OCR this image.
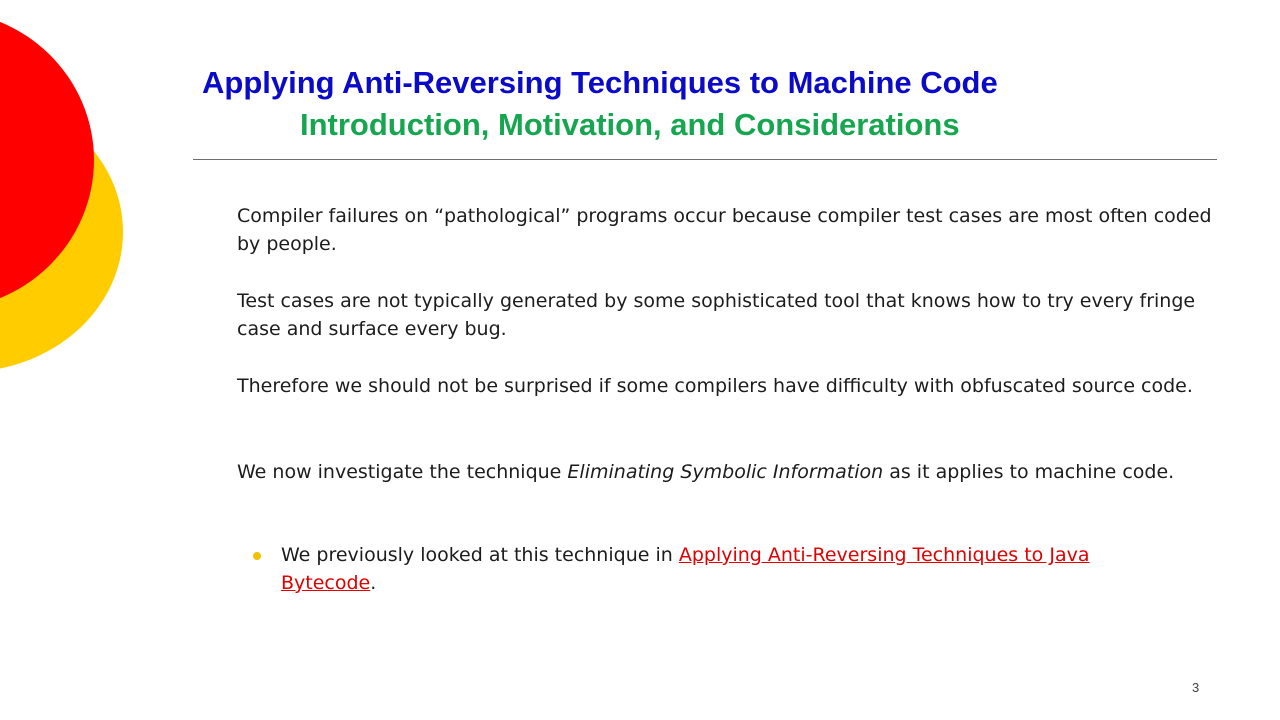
Applying Anti-Reversing Techniques to Machine Code
Introduction, Motivation, and Considerations
Compiler failures on “pathological” programs occur because compiler test cases are most often coded by people.
Test cases are not typically generated by some sophisticated tool that knows how to try every fringe case and surface every bug.
Therefore we should not be surprised if some compilers have difficulty with obfuscated source code.
We now investigate the technique Eliminating Symbolic Information as it applies to machine code.
We previously looked at this technique in Applying Anti-Reversing Techniques to Java Bytecode.
3
